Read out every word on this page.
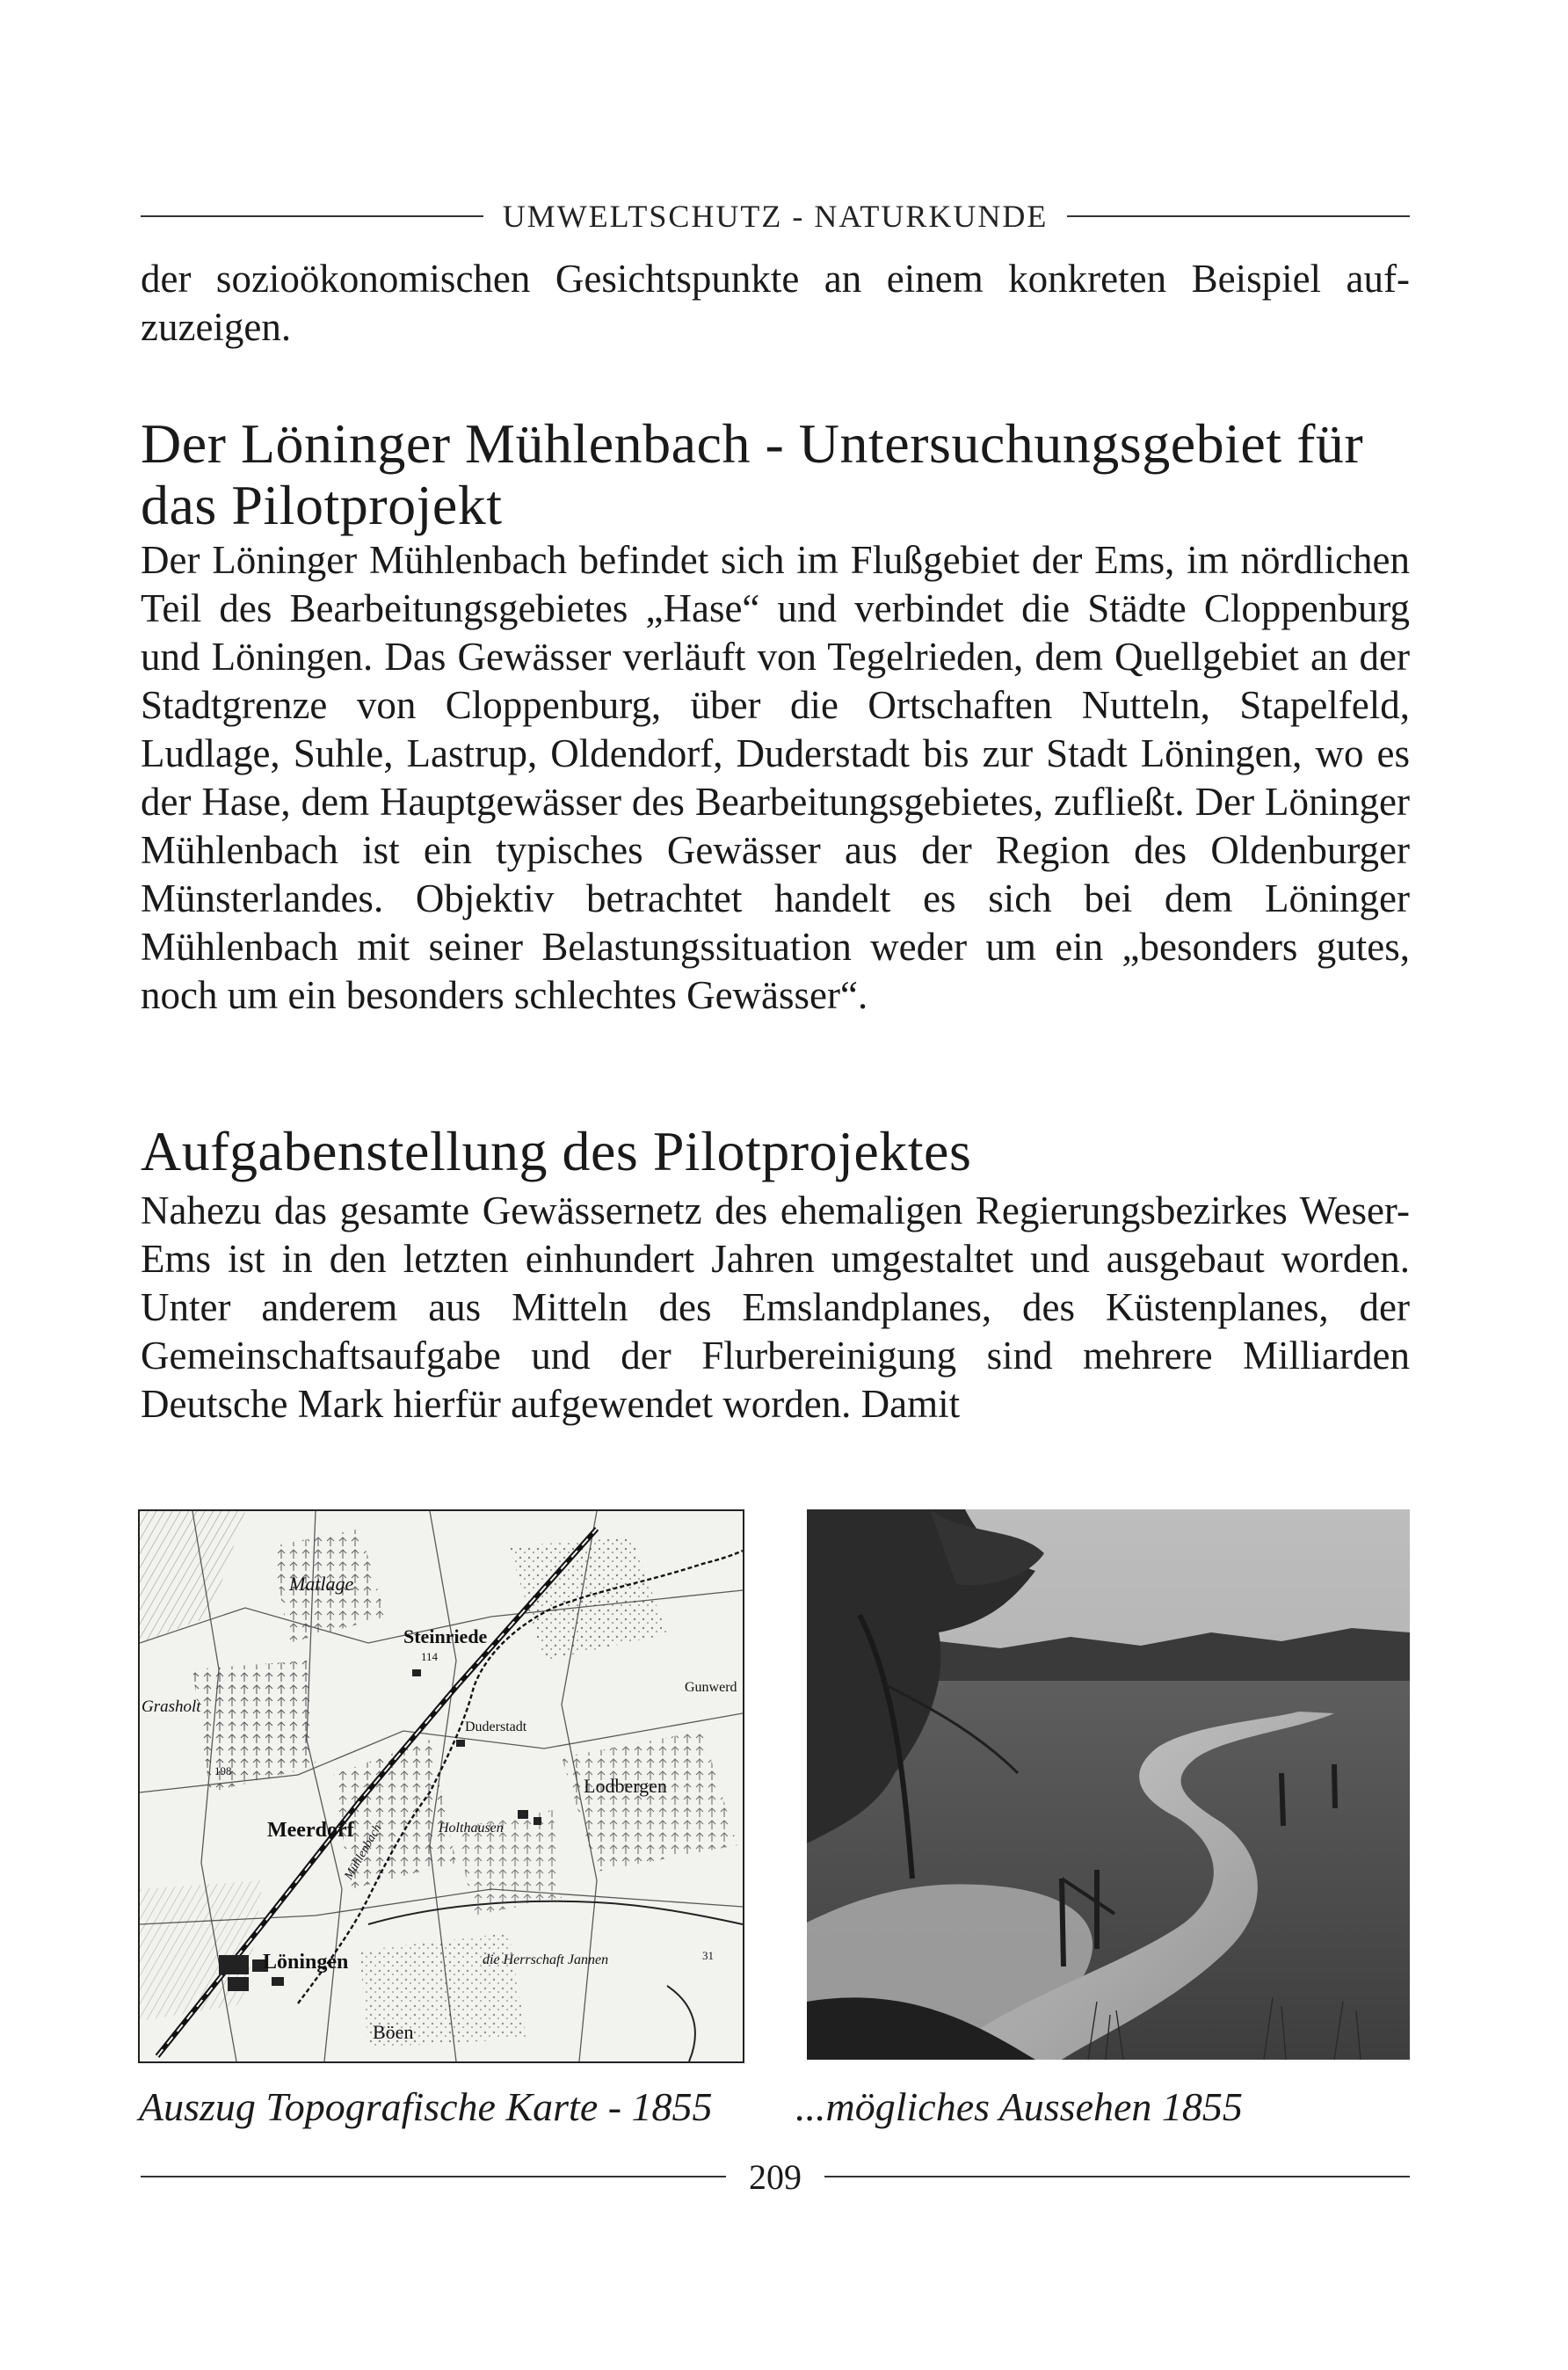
UMWELTSCHUTZ - NATURKUNDE

der sozioökonomischen Gesichtspunkte an einem konkreten Beispiel aufzuzeigen.

Der Löninger Mühlenbach - Untersuchungsgebiet für das Pilotprojekt

Der Löninger Mühlenbach befindet sich im Flußgebiet der Ems, im nördlichen Teil des Bearbeitungsgebietes „Hase“ und verbindet die Städte Cloppenburg und Löningen. Das Gewässer verläuft von Tegelrieden, dem Quellgebiet an der Stadtgrenze von Cloppenburg, über die Ortschaften Nutteln, Stapelfeld, Ludlage, Suhle, Lastrup, Oldendorf, Duderstadt bis zur Stadt Löningen, wo es der Hase, dem Hauptgewässer des Bearbeitungsgebietes, zufließt. Der Löninger Mühlenbach ist ein typisches Gewässer aus der Region des Oldenburger Münsterlandes. Objektiv betrachtet handelt es sich bei dem Löninger Mühlenbach mit seiner Belastungssituation weder um ein „besonders gutes, noch um ein besonders schlechtes Gewässer“.

Aufgabenstellung des Pilotprojektes

Nahezu das gesamte Gewässernetz des ehemaligen Regierungsbezirkes Weser-Ems ist in den letzten einhundert Jahren umgestaltet und ausgebaut worden. Unter anderem aus Mitteln des Emslandplanes, des Küstenplanes, der Gemeinschaftsaufgabe und der Flurbereinigung sind mehrere Milliarden Deutsche Mark hierfür aufgewendet worden. Damit

Matlage
Steinriede
Grasholt
Duderstadt
Gunwerd
Lodbergen
Meerdorf	Holthausen
Löningen
Böen
die Herrschaft Jannen
Mühlenbach
114
31
198
Auszug Topografische Karte - 1855 ...mögliches Aussehen 1855
209
